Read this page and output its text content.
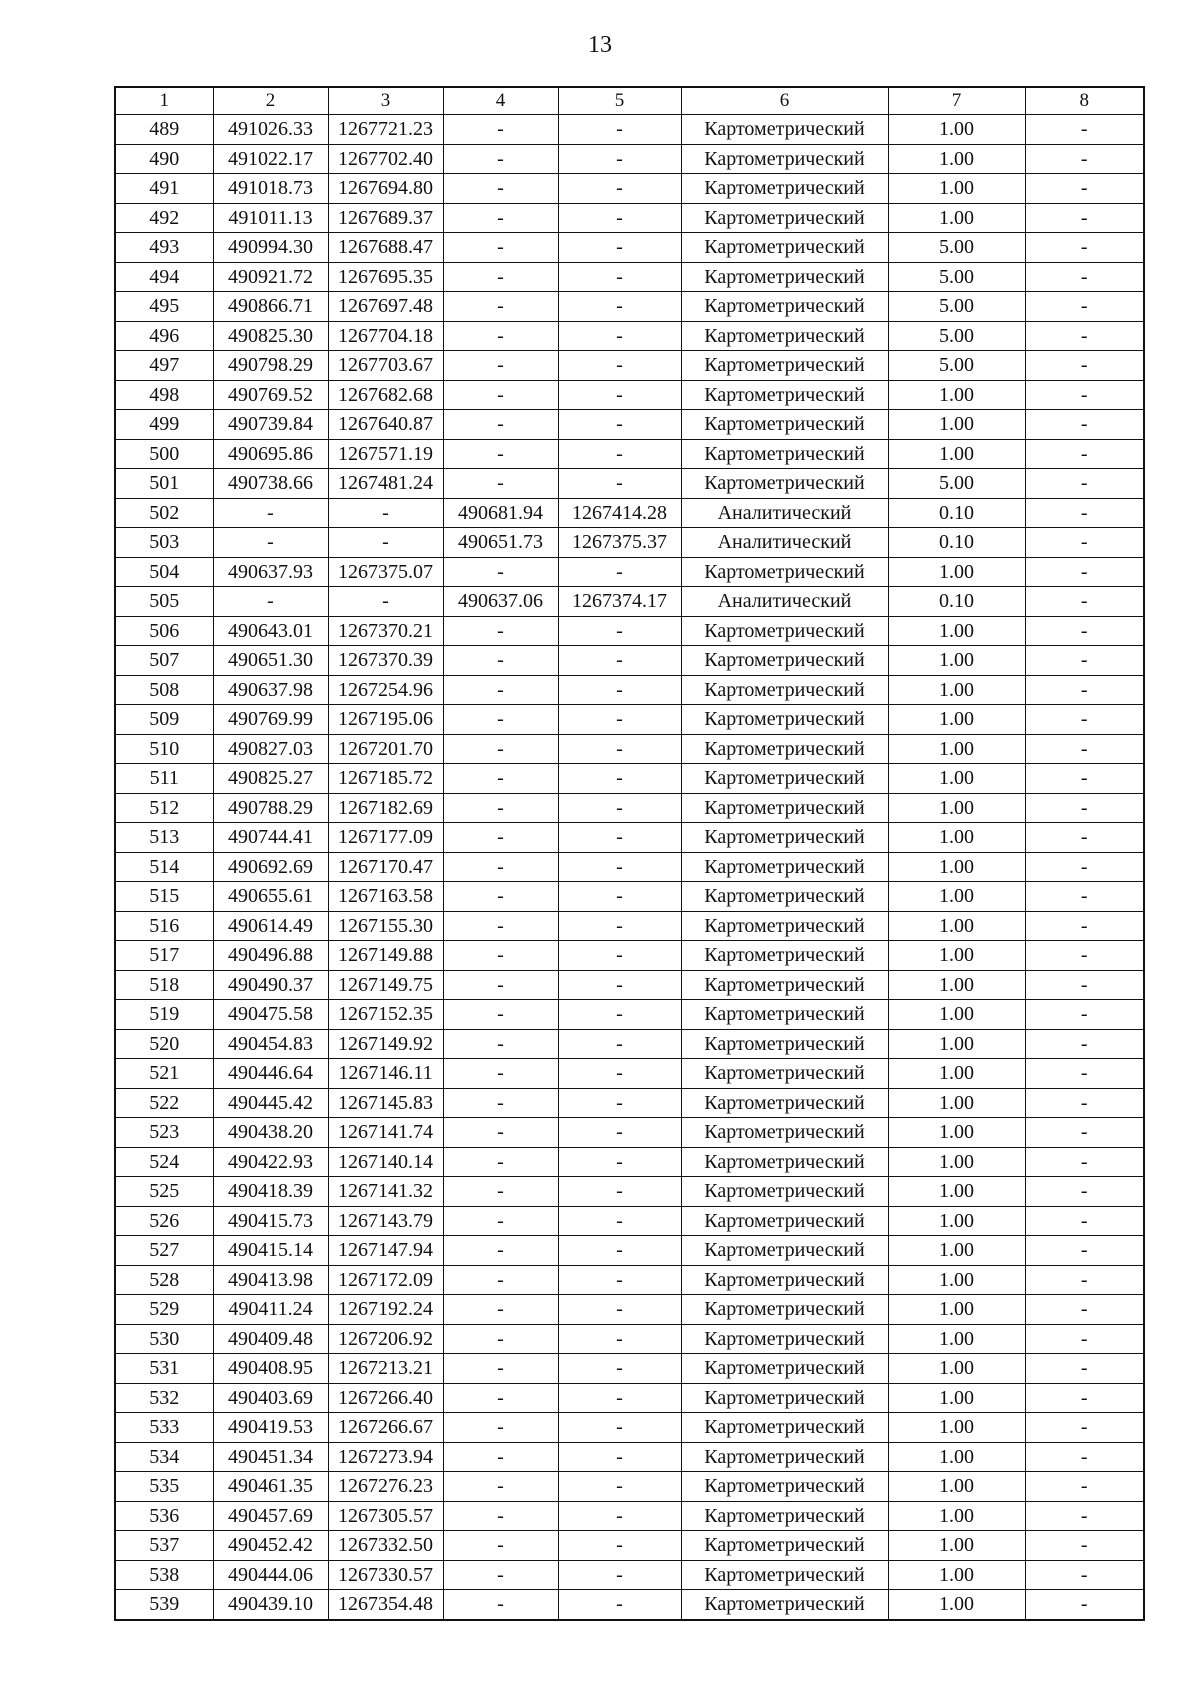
13
1	2	3	4	5	6	7	8
489	491026.33	1267721.23	-	-	Картометрический	1.00	-
490	491022.17	1267702.40	-	-	Картометрический	1.00	-
491	491018.73	1267694.80	-	-	Картометрический	1.00	-
492	491011.13	1267689.37	-	-	Картометрический	1.00	-
493	490994.30	1267688.47	-	-	Картометрический	5.00	-
494	490921.72	1267695.35	-	-	Картометрический	5.00	-
495	490866.71	1267697.48	-	-	Картометрический	5.00	-
496	490825.30	1267704.18	-	-	Картометрический	5.00	-
497	490798.29	1267703.67	-	-	Картометрический	5.00	-
498	490769.52	1267682.68	-	-	Картометрический	1.00	-
499	490739.84	1267640.87	-	-	Картометрический	1.00	-
500	490695.86	1267571.19	-	-	Картометрический	1.00	-
501	490738.66	1267481.24	-	-	Картометрический	5.00	-
502	-	-	490681.94	1267414.28	Аналитический	0.10	-
503	-	-	490651.73	1267375.37	Аналитический	0.10	-
504	490637.93	1267375.07	-	-	Картометрический	1.00	-
505	-	-	490637.06	1267374.17	Аналитический	0.10	-
506	490643.01	1267370.21	-	-	Картометрический	1.00	-
507	490651.30	1267370.39	-	-	Картометрический	1.00	-
508	490637.98	1267254.96	-	-	Картометрический	1.00	-
509	490769.99	1267195.06	-	-	Картометрический	1.00	-
510	490827.03	1267201.70	-	-	Картометрический	1.00	-
511	490825.27	1267185.72	-	-	Картометрический	1.00	-
512	490788.29	1267182.69	-	-	Картометрический	1.00	-
513	490744.41	1267177.09	-	-	Картометрический	1.00	-
514	490692.69	1267170.47	-	-	Картометрический	1.00	-
515	490655.61	1267163.58	-	-	Картометрический	1.00	-
516	490614.49	1267155.30	-	-	Картометрический	1.00	-
517	490496.88	1267149.88	-	-	Картометрический	1.00	-
518	490490.37	1267149.75	-	-	Картометрический	1.00	-
519	490475.58	1267152.35	-	-	Картометрический	1.00	-
520	490454.83	1267149.92	-	-	Картометрический	1.00	-
521	490446.64	1267146.11	-	-	Картометрический	1.00	-
522	490445.42	1267145.83	-	-	Картометрический	1.00	-
523	490438.20	1267141.74	-	-	Картометрический	1.00	-
524	490422.93	1267140.14	-	-	Картометрический	1.00	-
525	490418.39	1267141.32	-	-	Картометрический	1.00	-
526	490415.73	1267143.79	-	-	Картометрический	1.00	-
527	490415.14	1267147.94	-	-	Картометрический	1.00	-
528	490413.98	1267172.09	-	-	Картометрический	1.00	-
529	490411.24	1267192.24	-	-	Картометрический	1.00	-
530	490409.48	1267206.92	-	-	Картометрический	1.00	-
531	490408.95	1267213.21	-	-	Картометрический	1.00	-
532	490403.69	1267266.40	-	-	Картометрический	1.00	-
533	490419.53	1267266.67	-	-	Картометрический	1.00	-
534	490451.34	1267273.94	-	-	Картометрический	1.00	-
535	490461.35	1267276.23	-	-	Картометрический	1.00	-
536	490457.69	1267305.57	-	-	Картометрический	1.00	-
537	490452.42	1267332.50	-	-	Картометрический	1.00	-
538	490444.06	1267330.57	-	-	Картометрический	1.00	-
539	490439.10	1267354.48	-	-	Картометрический	1.00	-
